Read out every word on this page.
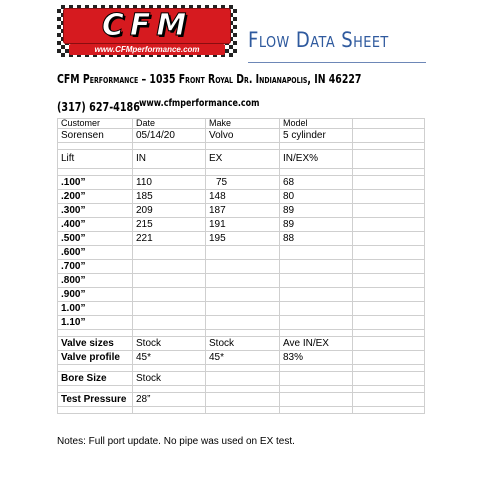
CFM
www.CFMperformance.com	Flow Data Sheet
CFM Performance – 1035 Front Royal Dr. Indianapolis, IN 46227
(317) 627-4186 www.cfmperformance.com
Customer	Date	Make	Model	
Sorensen	05/14/20	Volvo	5 cylinder	

Lift	IN	EX	IN/EX%	

.100”	110	75	68	
.200”	185	148	80	
.300”	209	187	89	
.400”	215	191	89	
.500”	221	195	88	
.600”				
.700”				
.800”				
.900”				
1.00”				
1.10”				

Valve sizes	Stock	Stock	Ave IN/EX	
Valve profile	45*	45*	83%	

Bore Size	Stock			

Test Pressure	28”			

Notes: Full port update. No pipe was used on EX test.
